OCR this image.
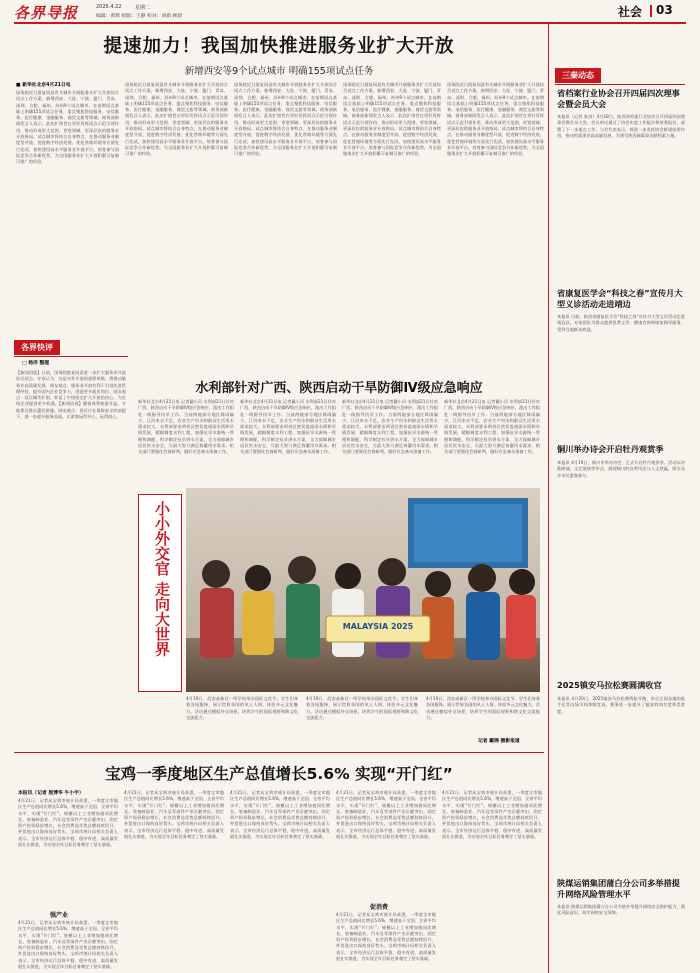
各界导报	2025.4.22	星期二
编辑：黄辉 组版：王静 校对：刘新 顾晨	社会 03
提速加力！我国加快推进服务业扩大开放
新增西安等9个试点城市 明确155项试点任务
■ 新华社北京4月21日电
国务院近日批复同意有关城市开展服务业扩大开放综合试点工作方案，新增西安、大连、宁波、厦门、青岛、深圳、合肥、福州、苏州9个试点城市。在前期试点基础上明确155项试点任务，重点聚焦科技服务、电信服务、医疗健康、金融服务、商贸文旅等领域。商务部新闻发言人表示，此次扩围旨在更好发挥试点示范引领作用，推动形成更大范围、更宽领域、更深层次的服务业开放格局。试点城市将结合自身特点，在推动服务业制度型开放、促进数字经济发展、优化营商环境等方面先行先试，加快建设高水平服务业开放平台，培育参与国际竞争合作新优势，为全国服务业扩大开放积累可复制可推广的经验。
国务院近日批复同意有关城市开展服务业扩大开放综合试点工作方案，新增西安、大连、宁波、厦门、青岛、深圳、合肥、福州、苏州9个试点城市。在前期试点基础上明确155项试点任务，重点聚焦科技服务、电信服务、医疗健康、金融服务、商贸文旅等领域。商务部新闻发言人表示，此次扩围旨在更好发挥试点示范引领作用，推动形成更大范围、更宽领域、更深层次的服务业开放格局。试点城市将结合自身特点，在推动服务业制度型开放、促进数字经济发展、优化营商环境等方面先行先试，加快建设高水平服务业开放平台，培育参与国际竞争合作新优势，为全国服务业扩大开放积累可复制可推广的经验。
国务院近日批复同意有关城市开展服务业扩大开放综合试点工作方案，新增西安、大连、宁波、厦门、青岛、深圳、合肥、福州、苏州9个试点城市。在前期试点基础上明确155项试点任务，重点聚焦科技服务、电信服务、医疗健康、金融服务、商贸文旅等领域。商务部新闻发言人表示，此次扩围旨在更好发挥试点示范引领作用，推动形成更大范围、更宽领域、更深层次的服务业开放格局。试点城市将结合自身特点，在推动服务业制度型开放、促进数字经济发展、优化营商环境等方面先行先试，加快建设高水平服务业开放平台，培育参与国际竞争合作新优势，为全国服务业扩大开放积累可复制可推广的经验。
国务院近日批复同意有关城市开展服务业扩大开放综合试点工作方案，新增西安、大连、宁波、厦门、青岛、深圳、合肥、福州、苏州9个试点城市。在前期试点基础上明确155项试点任务，重点聚焦科技服务、电信服务、医疗健康、金融服务、商贸文旅等领域。商务部新闻发言人表示，此次扩围旨在更好发挥试点示范引领作用，推动形成更大范围、更宽领域、更深层次的服务业开放格局。试点城市将结合自身特点，在推动服务业制度型开放、促进数字经济发展、优化营商环境等方面先行先试，加快建设高水平服务业开放平台，培育参与国际竞争合作新优势，为全国服务业扩大开放积累可复制可推广的经验。
国务院近日批复同意有关城市开展服务业扩大开放综合试点工作方案，新增西安、大连、宁波、厦门、青岛、深圳、合肥、福州、苏州9个试点城市。在前期试点基础上明确155项试点任务，重点聚焦科技服务、电信服务、医疗健康、金融服务、商贸文旅等领域。商务部新闻发言人表示，此次扩围旨在更好发挥试点示范引领作用，推动形成更大范围、更宽领域、更深层次的服务业开放格局。试点城市将结合自身特点，在推动服务业制度型开放、促进数字经济发展、优化营商环境等方面先行先试，加快建设高水平服务业开放平台，培育参与国际竞争合作新优势，为全国服务业扩大开放积累可复制可推广的经验。
各界快评
□ 杨洋 整理
【新闻回放】日前，国务院批复同意进一步扩大服务业开放综合试点。专家认为，这是对外开放的重要举措，将推动服务业高质量发展。网友观点：服务业开放有利于引进先进管理经验，提升国内企业竞争力，创造更多就业岗位。网友观点：试点城市扩围，彰显了中国坚定扩大开放的决心，为全球企业提供更多机遇。【新闻回放】随着春季旅游升温，多地景区推出惠民措施。网友观点：景区应在保障安全的前提下，进一步提升服务品质，让游客玩得开心、玩得放心。
水利部针对广西、陕西启动干旱防御Ⅳ级应急响应
新华社北京4月21日电 记者戴小河 水利部21日针对广西、陕西启动干旱防御Ⅳ级应急响应，派出工作组赴一线指导抗旱工作。当前两地部分地区降雨偏少，江河来水不足，农业生产用水和群众生活用水需求较大。水利部要求两省区密切监视雨水情和旱情发展，精细调度水利工程，加强抗旱水源统一管理和调配，科学制定抗旱供水方案，全力保障城乡居民饮水安全，尽最大努力满足春灌用水需求。相关部门要强化会商研判，做好应急备水准备工作。
新华社北京4月21日电 记者戴小河 水利部21日针对广西、陕西启动干旱防御Ⅳ级应急响应，派出工作组赴一线指导抗旱工作。当前两地部分地区降雨偏少，江河来水不足，农业生产用水和群众生活用水需求较大。水利部要求两省区密切监视雨水情和旱情发展，精细调度水利工程，加强抗旱水源统一管理和调配，科学制定抗旱供水方案，全力保障城乡居民饮水安全，尽最大努力满足春灌用水需求。相关部门要强化会商研判，做好应急备水准备工作。
新华社北京4月21日电 记者戴小河 水利部21日针对广西、陕西启动干旱防御Ⅳ级应急响应，派出工作组赴一线指导抗旱工作。当前两地部分地区降雨偏少，江河来水不足，农业生产用水和群众生活用水需求较大。水利部要求两省区密切监视雨水情和旱情发展，精细调度水利工程，加强抗旱水源统一管理和调配，科学制定抗旱供水方案，全力保障城乡居民饮水安全，尽最大努力满足春灌用水需求。相关部门要强化会商研判，做好应急备水准备工作。
新华社北京4月21日电 记者戴小河 水利部21日针对广西、陕西启动干旱防御Ⅳ级应急响应，派出工作组赴一线指导抗旱工作。当前两地部分地区降雨偏少，江河来水不足，农业生产用水和群众生活用水需求较大。水利部要求两省区密切监视雨水情和旱情发展，精细调度水利工程，加强抗旱水源统一管理和调配，科学制定抗旱供水方案，全力保障城乡居民饮水安全，尽最大努力满足春灌用水需求。相关部门要强化会商研判，做好应急备水准备工作。
小小外交官 走向大世界	MALAYSIA 2025
4月19日，西安高新区一所学校举办国际文化节，学生们身着各国服饰，展示世界各国的风土人情，体验多元文化魅力。活动通过模拟外交场景，培养学生的国际视野和跨文化交流能力。
4月19日，西安高新区一所学校举办国际文化节，学生们身着各国服饰，展示世界各国的风土人情，体验多元文化魅力。活动通过模拟外交场景，培养学生的国际视野和跨文化交流能力。
4月19日，西安高新区一所学校举办国际文化节，学生们身着各国服饰，展示世界各国的风土人情，体验多元文化魅力。活动通过模拟外交场景，培养学生的国际视野和跨文化交流能力。
记者 戴锦 摄影报道
宝鸡一季度地区生产总值增长5.6% 实现“开门红”
本报讯（记者 殷博华 牛小宇）
4月21日，记者从宝鸡市统计局获悉，一季度全市地区生产总值同比增长5.6%，增速高于全国、全省平均水平，实现“开门红”。规模以上工业增加值同比增长，装备制造业、汽车及零部件产业贡献突出。固定资产投资稳步增长，社会消费品零售总额持续回升，外贸进出口保持良好势头。宝鸡市统计局相关负责人表示，全市经济运行总体平稳、稳中有进，高质量发展扎实推进，为实现全年目标任务奠定了坚实基础。
强产业
4月21日，记者从宝鸡市统计局获悉，一季度全市地区生产总值同比增长5.6%，增速高于全国、全省平均水平，实现“开门红”。规模以上工业增加值同比增长，装备制造业、汽车及零部件产业贡献突出。固定资产投资稳步增长，社会消费品零售总额持续回升，外贸进出口保持良好势头。宝鸡市统计局相关负责人表示，全市经济运行总体平稳、稳中有进，高质量发展扎实推进，为实现全年目标任务奠定了坚实基础。
4月21日，记者从宝鸡市统计局获悉，一季度全市地区生产总值同比增长5.6%，增速高于全国、全省平均水平，实现“开门红”。规模以上工业增加值同比增长，装备制造业、汽车及零部件产业贡献突出。固定资产投资稳步增长，社会消费品零售总额持续回升，外贸进出口保持良好势头。宝鸡市统计局相关负责人表示，全市经济运行总体平稳、稳中有进，高质量发展扎实推进，为实现全年目标任务奠定了坚实基础。
4月21日，记者从宝鸡市统计局获悉，一季度全市地区生产总值同比增长5.6%，增速高于全国、全省平均水平，实现“开门红”。规模以上工业增加值同比增长，装备制造业、汽车及零部件产业贡献突出。固定资产投资稳步增长，社会消费品零售总额持续回升，外贸进出口保持良好势头。宝鸡市统计局相关负责人表示，全市经济运行总体平稳、稳中有进，高质量发展扎实推进，为实现全年目标任务奠定了坚实基础。
4月21日，记者从宝鸡市统计局获悉，一季度全市地区生产总值同比增长5.6%，增速高于全国、全省平均水平，实现“开门红”。规模以上工业增加值同比增长，装备制造业、汽车及零部件产业贡献突出。固定资产投资稳步增长，社会消费品零售总额持续回升，外贸进出口保持良好势头。宝鸡市统计局相关负责人表示，全市经济运行总体平稳、稳中有进，高质量发展扎实推进，为实现全年目标任务奠定了坚实基础。
促消费
4月21日，记者从宝鸡市统计局获悉，一季度全市地区生产总值同比增长5.6%，增速高于全国、全省平均水平，实现“开门红”。规模以上工业增加值同比增长，装备制造业、汽车及零部件产业贡献突出。固定资产投资稳步增长，社会消费品零售总额持续回升，外贸进出口保持良好势头。宝鸡市统计局相关负责人表示，全市经济运行总体平稳、稳中有进，高质量发展扎实推进，为实现全年目标任务奠定了坚实基础。
4月21日，记者从宝鸡市统计局获悉，一季度全市地区生产总值同比增长5.6%，增速高于全国、全省平均水平，实现“开门红”。规模以上工业增加值同比增长，装备制造业、汽车及零部件产业贡献突出。固定资产投资稳步增长，社会消费品零售总额持续回升，外贸进出口保持良好势头。宝鸡市统计局相关负责人表示，全市经济运行总体平稳、稳中有进，高质量发展扎实推进，为实现全年目标任务奠定了坚实基础。
三秦动态
省档案行业协会召开四届四次理事会暨会员大会
本报讯（记者 张涛）4月18日，陕西省档案行业协会召开四届四次理事会暨会员大会。会议审议通过了协会年度工作报告和财务报告，部署了下一步重点工作。与会代表表示，将进一步发挥协会桥梁纽带作用，推动档案事业高质量发展，为谱写陕西新篇章贡献档案力量。
省康复医学会“科技之春”宣传月大型义诊活动走进靖边
本报讯 日前，陕西省康复医学会“科技之春”宣传月大型义诊活动走进靖边县。专家团队为群众提供免费义诊、健康咨询和康复指导服务，受到当地群众欢迎。
铜川举办诗会开启牡丹观赏季
本报讯 4月19日，铜川市举办诗会，正式开启牡丹观赏季。活动以诗歌朗诵、文艺展演等形式，展现铜川的自然风光与人文底蕴，吸引众多市民游客参与。
2025镇安马拉松赛圆满收官
本报讯 4月20日，2025镇安马拉松赛鸣枪开跑，来自全国各地的选手在青山绿水间奔跑竞技。赛事进一步提升了镇安的知名度和美誉度。
陕煤运销集团蒲白分公司多举措提升网络风险管理水平
本报讯 陕煤运销集团蒲白分公司多措并举提升网络安全防护能力，强化风险意识，筑牢网络安全屏障。
